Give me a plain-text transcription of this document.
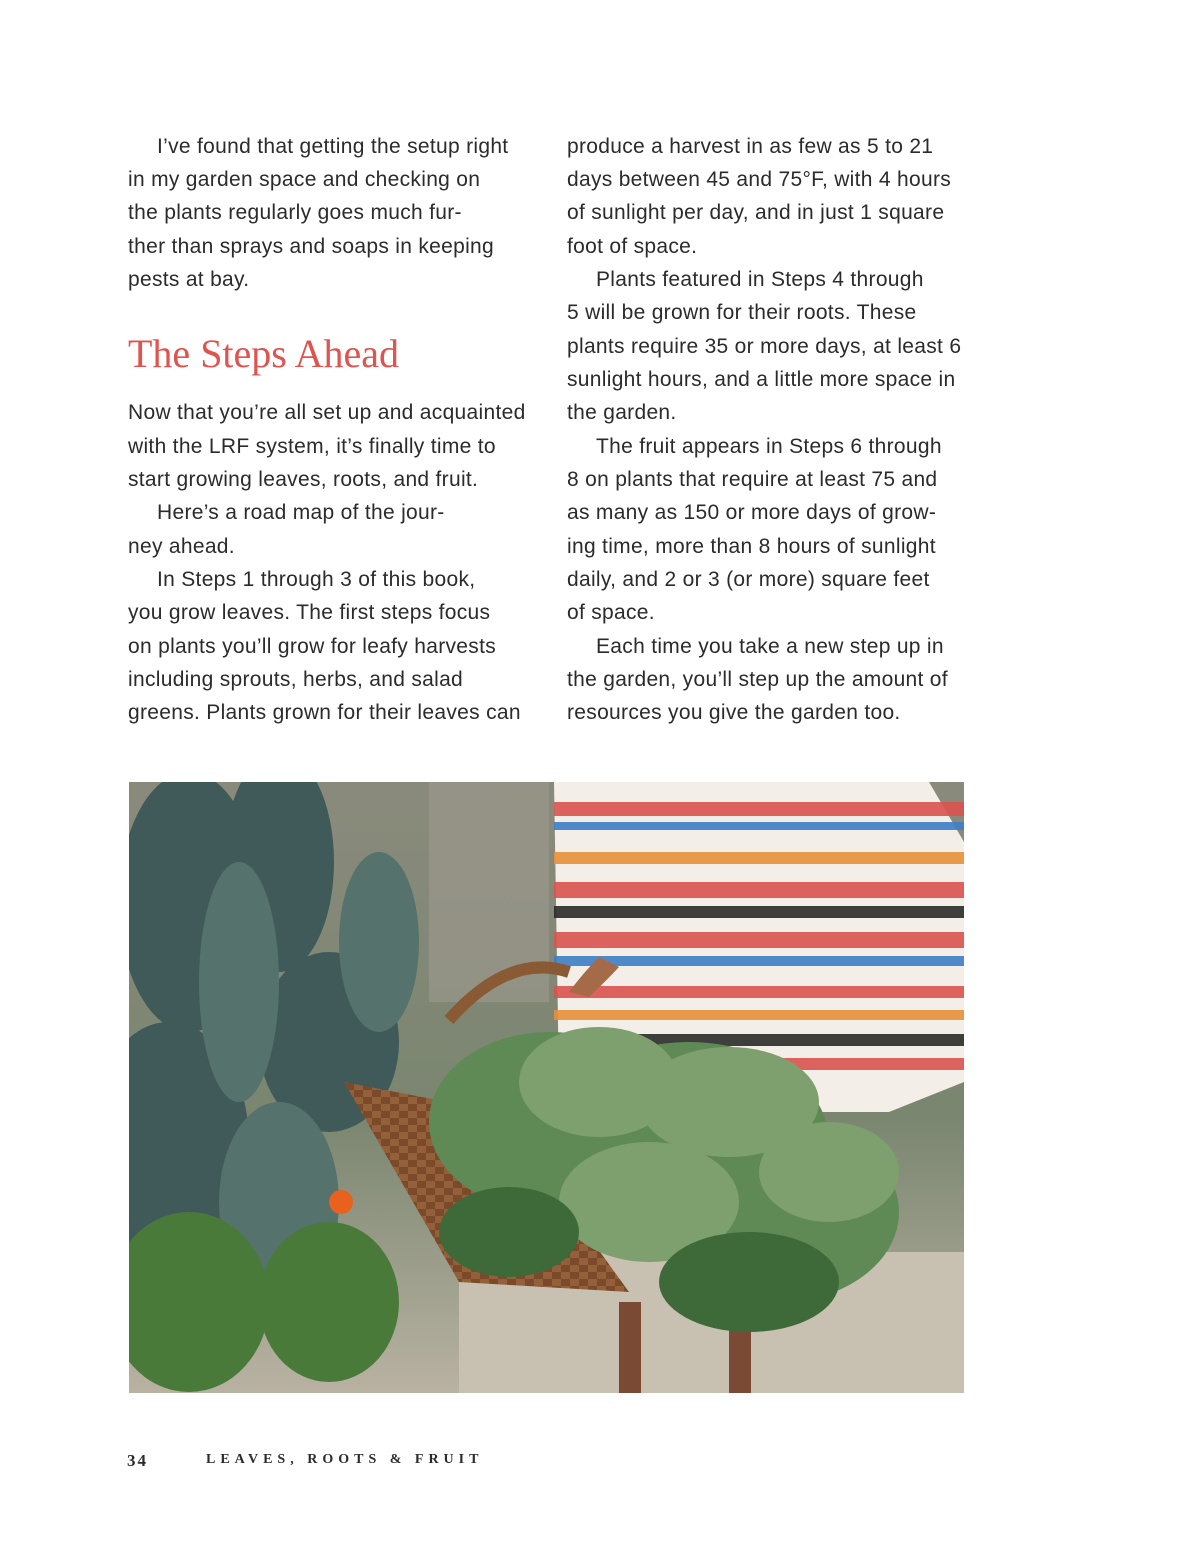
I’ve found that getting the setup right
in my garden space and checking on
the plants regularly goes much fur-
ther than sprays and soaps in keeping
pests at bay.
The Steps Ahead
Now that you’re all set up and acquainted
with the LRF system, it’s finally time to
start growing leaves, roots, and fruit.
Here’s a road map of the jour-
ney ahead.
In Steps 1 through 3 of this book,
you grow leaves. The first steps focus
on plants you’ll grow for leafy harvests
including sprouts, herbs, and salad
greens. Plants grown for their leaves can
produce a harvest in as few as 5 to 21
days between 45 and 75°F, with 4 hours
of sunlight per day, and in just 1 square
foot of space.
Plants featured in Steps 4 through
5 will be grown for their roots. These
plants require 35 or more days, at least 6
sunlight hours, and a little more space in
the garden.
The fruit appears in Steps 6 through
8 on plants that require at least 75 and
as many as 150 or more days of grow-
ing time, more than 8 hours of sunlight
daily, and 2 or 3 (or more) square feet
of space.
Each time you take a new step up in
the garden, you’ll step up the amount of
resources you give the garden too.
34	LEAVES, ROOTS & FRUIT
